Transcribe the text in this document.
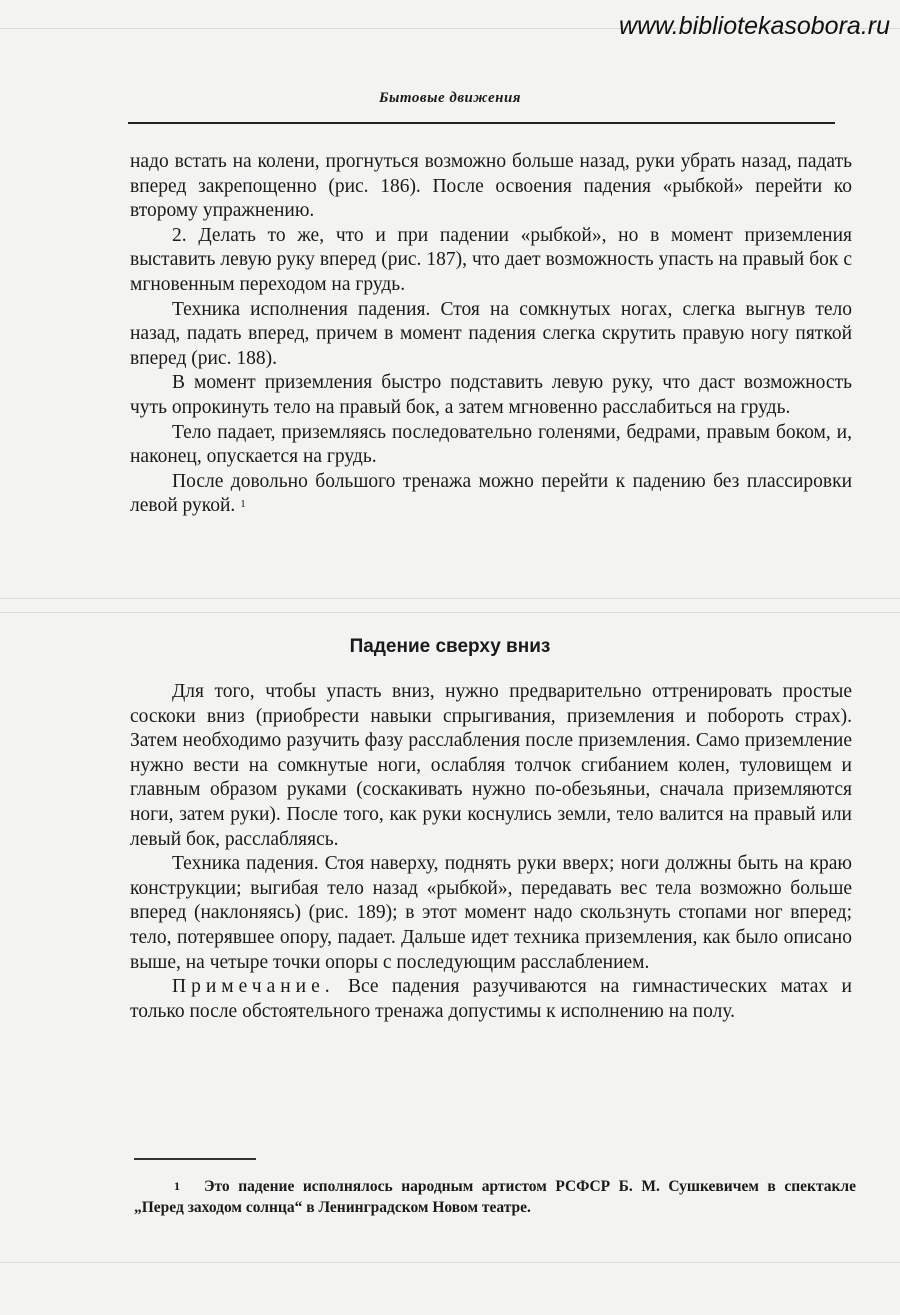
www.bibliotekasobora.ru
Бытовые движения

надо встать на колени, прогнуться возможно больше назад, руки убрать назад, падать вперед закрепощенно (рис. 186). После освоения падения «рыбкой» перейти ко второму упражнению.

2. Делать то же, что и при падении «рыбкой», но в момент приземления выставить левую руку вперед (рис. 187), что дает возможность упасть на правый бок с мгновенным переходом на грудь.

Техника исполнения падения. Стоя на сомкнутых ногах, слегка выгнув тело назад, падать вперед, причем в момент падения слегка скрутить правую ногу пяткой вперед (рис. 188).

В момент приземления быстро подставить левую руку, что даст возможность чуть опрокинуть тело на правый бок, а затем мгновенно расслабиться на грудь.

Тело падает, приземляясь последовательно голенями, бедрами, правым боком, и, наконец, опускается на грудь.

После довольно большого тренажа можно перейти к падению без плассировки левой рукой. $^1$

Падение сверху вниз

Для того, чтобы упасть вниз, нужно предварительно оттренировать простые соскоки вниз (приобрести навыки спрыгивания, приземления и побороть страх). Затем необходимо разучить фазу расслабления после приземления. Само приземление нужно вести на сомкнутые ноги, ослабляя толчок сгибанием колен, туловищем и главным образом руками (соскакивать нужно по-обезьяньи, сначала приземляются ноги, затем руки). После того, как руки коснулись земли, тело валится на правый или левый бок, расслабляясь.

Техника падения. Стоя наверху, поднять руки вверх; ноги должны быть на краю конструкции; выгибая тело назад «рыбкой», передавать вес тела возможно больше вперед (наклоняясь) (рис. 189); в этот момент надо скользнуть стопами ног вперед; тело, потерявшее опору, падает. Дальше идет техника приземления, как было описано выше, на четыре точки опоры с последующим расслаблением.

Примечание. Все падения разучиваются на гимнастических матах и только после обстоятельного тренажа допустимы к исполнению на полу.

1 Это падение исполнялось народным артистом РСФСР Б. М. Сушкевичем в спектакле „Перед заходом солнца“ в Ленинградском Новом театре.
